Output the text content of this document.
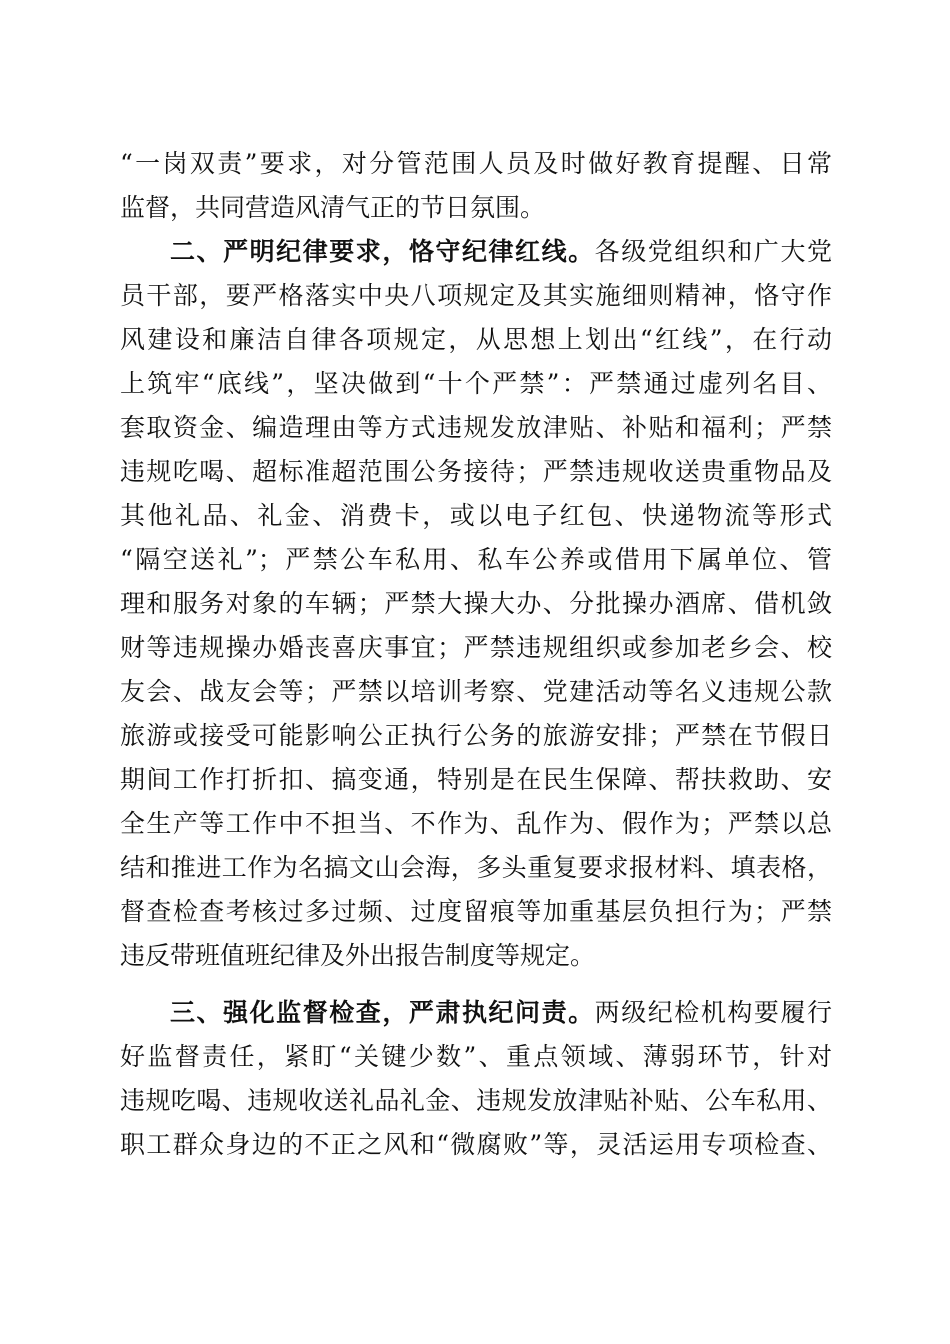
“一岗双责”要求，对分管范围人员及时做好教育提醒、日常
监督，共同营造风清气正的节日氛围。
二、严明纪律要求，恪守纪律红线。各级党组织和广大党
员干部，要严格落实中央八项规定及其实施细则精神，恪守作
风建设和廉洁自律各项规定，从思想上划出“红线”，在行动
上筑牢“底线”，坚决做到“十个严禁”：严禁通过虚列名目、
套取资金、编造理由等方式违规发放津贴、补贴和福利；严禁
违规吃喝、超标准超范围公务接待；严禁违规收送贵重物品及
其他礼品、礼金、消费卡，或以电子红包、快递物流等形式
“隔空送礼”；严禁公车私用、私车公养或借用下属单位、管
理和服务对象的车辆；严禁大操大办、分批操办酒席、借机敛
财等违规操办婚丧喜庆事宜；严禁违规组织或参加老乡会、校
友会、战友会等；严禁以培训考察、党建活动等名义违规公款
旅游或接受可能影响公正执行公务的旅游安排；严禁在节假日
期间工作打折扣、搞变通，特别是在民生保障、帮扶救助、安
全生产等工作中不担当、不作为、乱作为、假作为；严禁以总
结和推进工作为名搞文山会海，多头重复要求报材料、填表格，
督查检查考核过多过频、过度留痕等加重基层负担行为；严禁
违反带班值班纪律及外出报告制度等规定。
三、强化监督检查，严肃执纪问责。两级纪检机构要履行
好监督责任，紧盯“关键少数”、重点领域、薄弱环节，针对
违规吃喝、违规收送礼品礼金、违规发放津贴补贴、公车私用、
职工群众身边的不正之风和“微腐败”等，灵活运用专项检查、
